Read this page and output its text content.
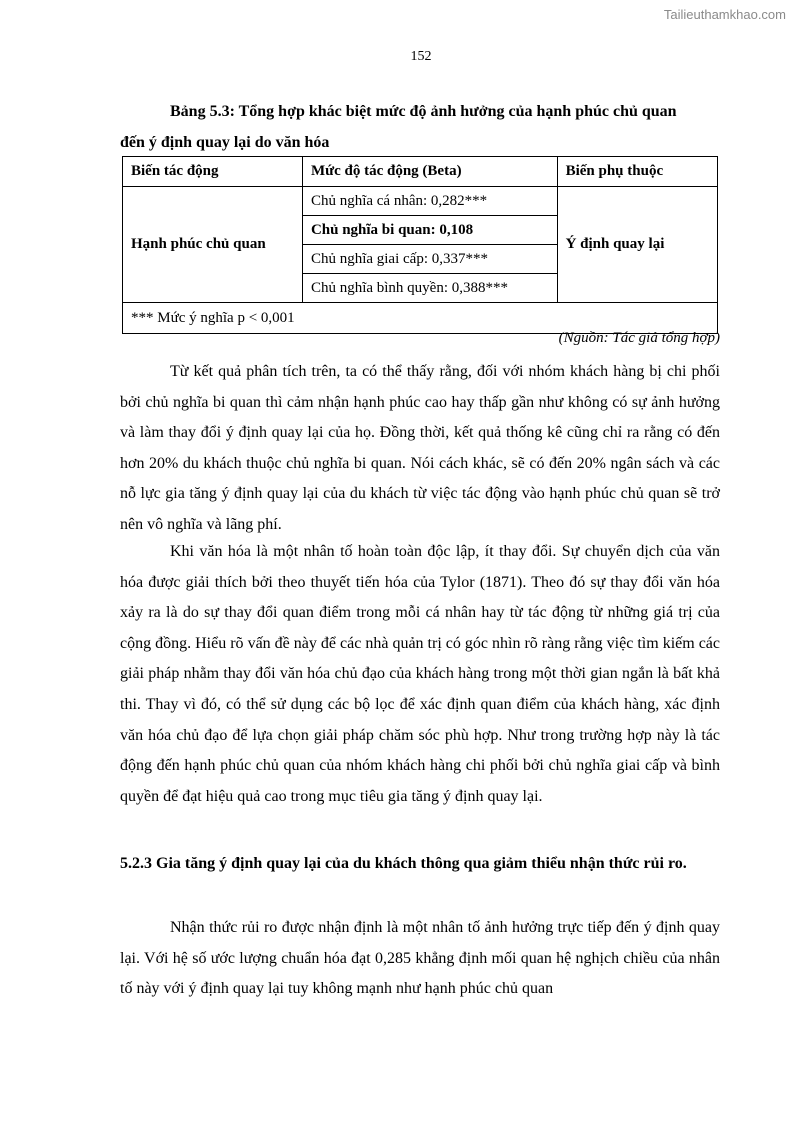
Tailieuthamkhao.com
152
Bảng 5.3: Tổng hợp khác biệt mức độ ảnh hưởng của hạnh phúc chủ quan
đến ý định quay lại do văn hóa
Biến tác động	Mức độ tác động (Beta)	Biến phụ thuộc
Hạnh phúc chủ quan	Chủ nghĩa cá nhân: 0,282***	Ý định quay lại
	Chủ nghĩa bi quan: 0,108	
	Chủ nghĩa giai cấp: 0,337***	
	Chủ nghĩa bình quyền: 0,388***	
*** Mức ý nghĩa p < 0,001		
(Nguồn: Tác giả tổng hợp)

Từ kết quả phân tích trên, ta có thể thấy rằng, đối với nhóm khách hàng bị chi phối bởi chủ nghĩa bi quan thì cảm nhận hạnh phúc cao hay thấp gần như không có sự ảnh hưởng và làm thay đổi ý định quay lại của họ. Đồng thời, kết quả thống kê cũng chỉ ra rằng có đến hơn 20% du khách thuộc chủ nghĩa bi quan. Nói cách khác, sẽ có đến 20% ngân sách và các nỗ lực gia tăng ý định quay lại của du khách từ việc tác động vào hạnh phúc chủ quan sẽ trở nên vô nghĩa và lãng phí.

Khi văn hóa là một nhân tố hoàn toàn độc lập, ít thay đổi. Sự chuyển dịch của văn hóa được giải thích bởi theo thuyết tiến hóa của Tylor (1871). Theo đó sự thay đổi văn hóa xảy ra là do sự thay đổi quan điểm trong mỗi cá nhân hay từ tác động từ những giá trị của cộng đồng. Hiểu rõ vấn đề này để các nhà quản trị có góc nhìn rõ ràng rằng việc tìm kiếm các giải pháp nhằm thay đổi văn hóa chủ đạo của khách hàng trong một thời gian ngắn là bất khả thi. Thay vì đó, có thể sử dụng các bộ lọc để xác định quan điểm của khách hàng, xác định văn hóa chủ đạo để lựa chọn giải pháp chăm sóc phù hợp. Như trong trường hợp này là tác động đến hạnh phúc chủ quan của nhóm khách hàng chi phối bởi chủ nghĩa giai cấp và bình quyền để đạt hiệu quả cao trong mục tiêu gia tăng ý định quay lại.

5.2.3 Gia tăng ý định quay lại của du khách thông qua giảm thiểu nhận thức rủi ro.

Nhận thức rủi ro được nhận định là một nhân tố ảnh hưởng trực tiếp đến ý định quay lại. Với hệ số ước lượng chuẩn hóa đạt 0,285 khẳng định mối quan hệ nghịch chiều của nhân tố này với ý định quay lại tuy không mạnh như hạnh phúc chủ quan
